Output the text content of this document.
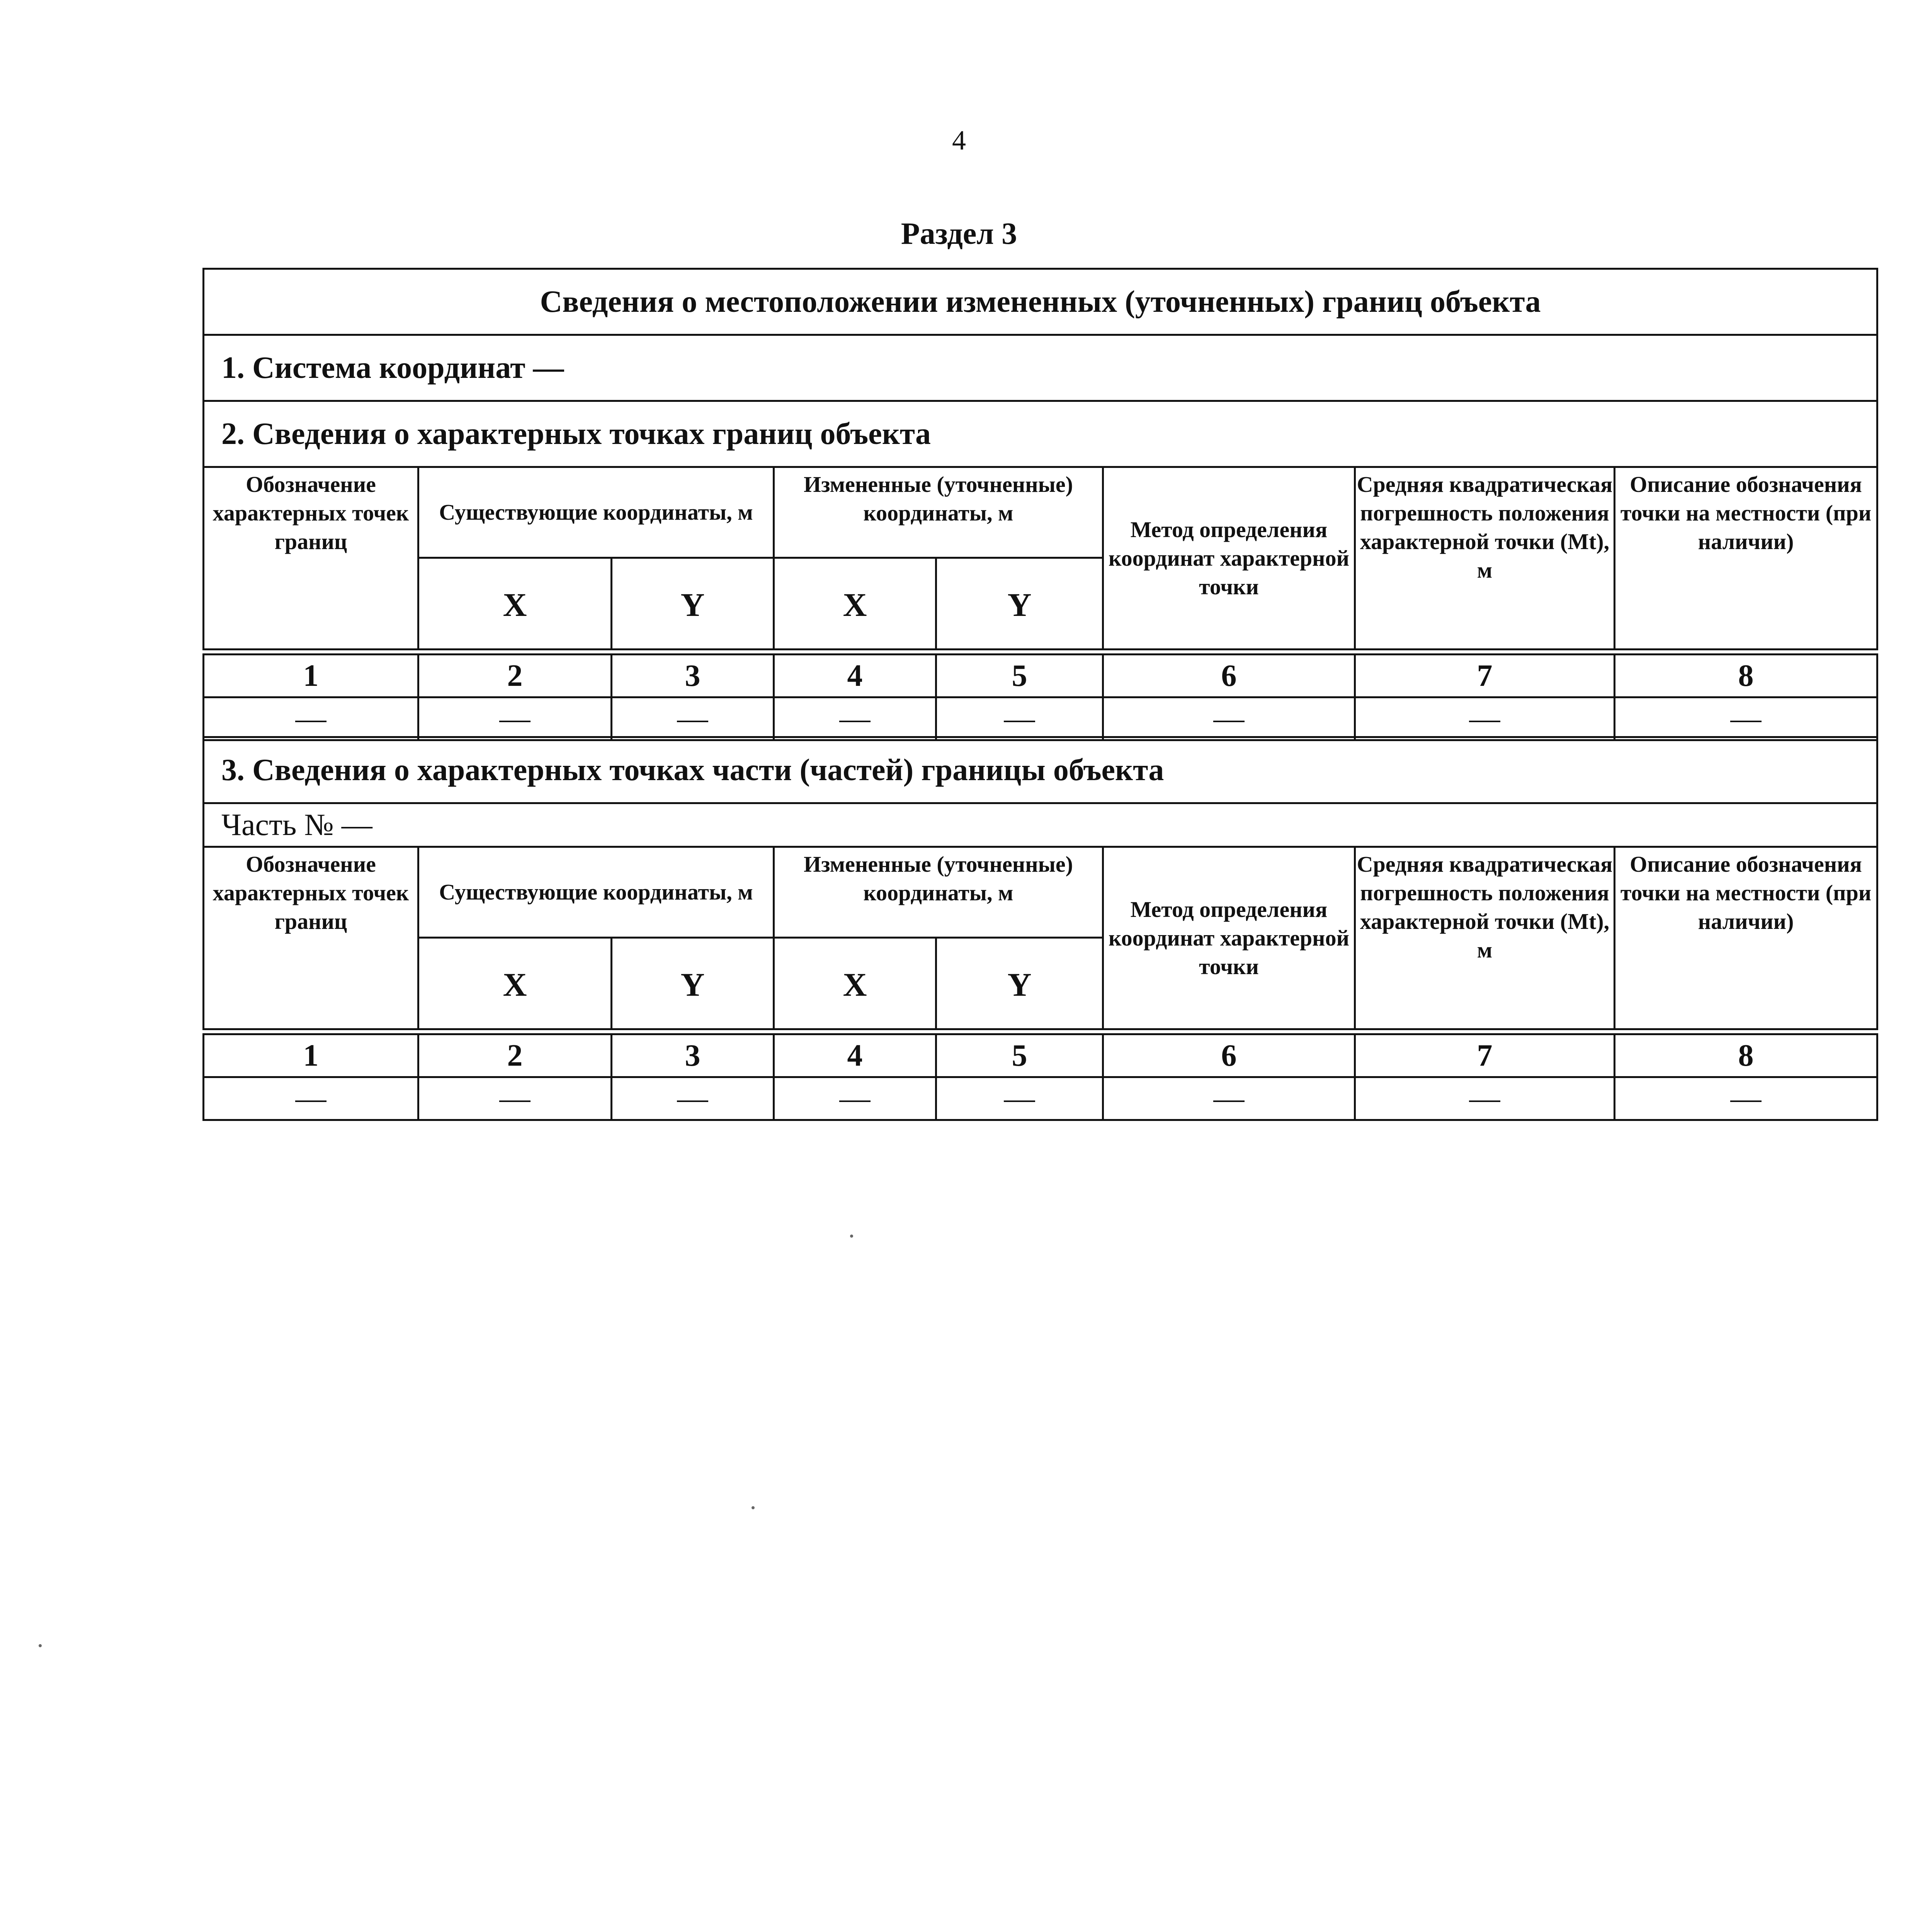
4
Раздел 3
Сведения о местоположении измененных (уточненных) границ объекта							
1. Система координат —							
2. Сведения о характерных точках границ объекта							
Обозначение характерных точек границ	Существующие координаты, м		Измененные (уточненные) координаты, м		Метод определения координат характерной точки	Средняя квадратическая погрешность положения характерной точки (Mt), м	Описание обозначения точки на местности (при наличии)
	X	Y	X	Y			

1	2	3	4	5	6	7	8
—	—	—	—	—	—	—	—
3. Сведения о характерных точках части (частей) границы объекта							
Часть № —							
Обозначение характерных точек границ	Существующие координаты, м		Измененные (уточненные) координаты, м		Метод определения координат характерной точки	Средняя квадратическая погрешность положения характерной точки (Mt), м	Описание обозначения точки на местности (при наличии)
	X	Y	X	Y			

1	2	3	4	5	6	7	8
—	—	—	—	—	—	—	—
